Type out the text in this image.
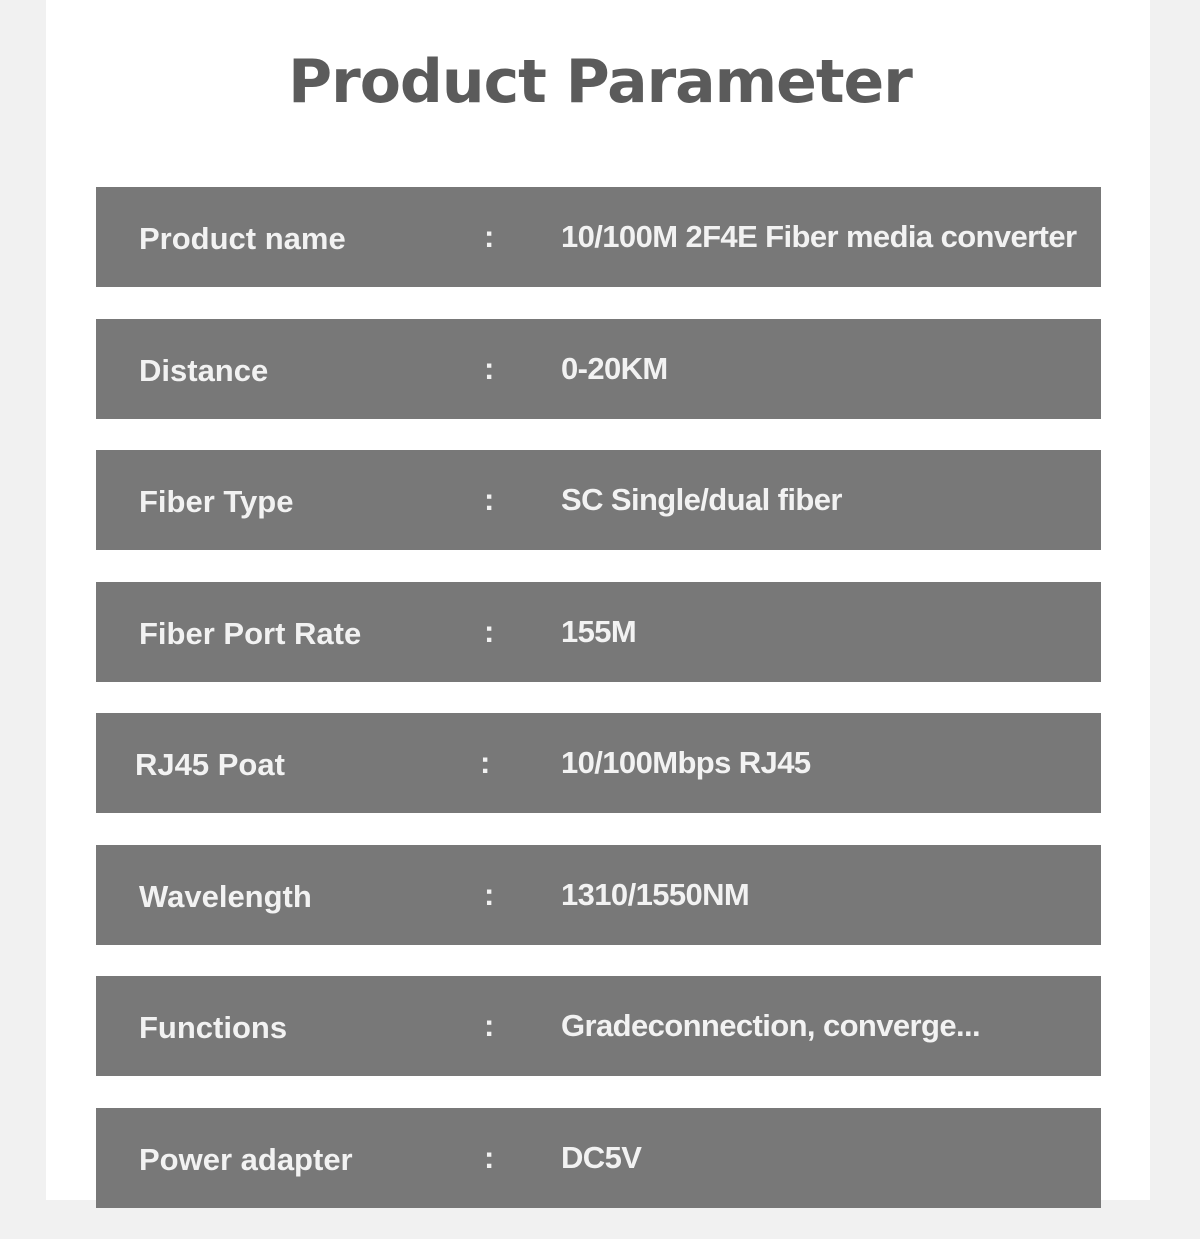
Product Parameter
Product name	: 10/100M 2F4E Fiber media converter
Distance	: 0-20KM
Fiber Type	: SC Single/dual fiber
Fiber Port Rate	: 155M
RJ45 Poat	: 10/100Mbps RJ45
Wavelength	: 1310/1550NM
Functions	: Gradeconnection, converge...
Power adapter	: DC5V
